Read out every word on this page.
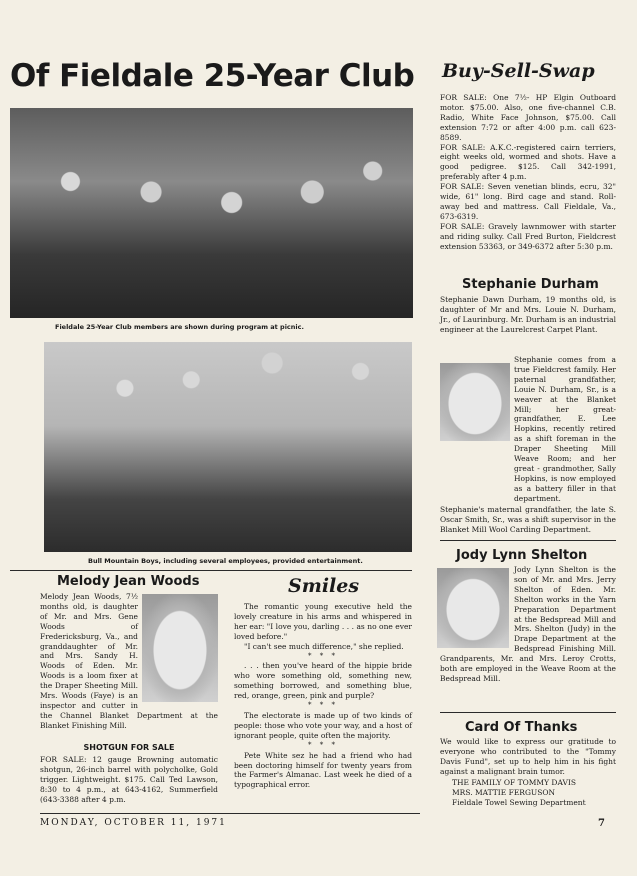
Of Fieldale 25-Year Club
Fieldale 25-Year Club members are shown during program at picnic.
Bull Mountain Boys, including several employees, provided entertainment.
Buy-Sell-Swap

FOR SALE: One 7½- HP Elgin Outboard motor. $75.00. Also, one five-channel C.B. Radio, White Face Johnson, $75.00. Call extension 7:72 or after 4:00 p.m. call 623-8589.

FOR SALE: A.K.C.-registered cairn terriers, eight weeks old, wormed and shots. Have a good pedigree. $125. Call 342-1991, preferably after 4 p.m.

FOR SALE: Seven venetian blinds, ecru, 32" wide, 61" long. Bird cage and stand. Roll-away bed and mattress. Call Fieldale, Va., 673-6319.

FOR SALE: Gravely lawnmower with starter and riding sulky. Call Fred Burton, Fieldcrest extension 53363, or 349-6372 after 5:30 p.m.

Stephanie Durham
Stephanie Dawn Durham, 19 months old, is daughter of Mr and Mrs. Louie N. Durham, Jr., of Laurinburg. Mr. Durham is an industrial engineer at the Laurelcrest Carpet Plant.
Stephanie comes from a true Fieldcrest family. Her paternal grandfather, Louie N. Durham, Sr., is a weaver at the Blanket Mill; her great-grandfather, E. Lee Hopkins, recently retired as a shift foreman in the Draper Sheeting Mill Weave Room; and her great - grandmother, Sally Hopkins, is now employed as a battery filler in that department.
Stephanie's maternal grandfather, the late S. Oscar Smith, Sr., was a shift supervisor in the Blanket Mill Wool Carding Department.
Jody Lynn Shelton
Jody Lynn Shelton is the son of Mr. and Mrs. Jerry Shelton of Eden. Mr. Shelton works in the Yarn Preparation Department at the Bedspread Mill and Mrs. Shelton (Judy) in the Drape Department at the Bedspread Finishing Mill. Grandparents, Mr. and Mrs. Leroy Crotts, both are employed in the Weave Room at the Bedspread Mill.
Card Of Thanks
We would like to express our gratitude to everyone who contributed to the "Tommy Davis Fund", set up to help him in his fight against a malignant brain tumor.
THE FAMILY OF TOMMY DAVIS
MRS. MATTIE FERGUSON
Fieldale Towel Sewing Department
Melody Jean Woods
Melody Jean Woods, 7½ months old, is daughter of Mr. and Mrs. Gene Woods of Fredericksburg, Va., and granddaughter of Mr. and Mrs. Sandy H. Woods of Eden. Mr. Woods is a loom fixer at the Draper Sheeting Mill. Mrs. Woods (Faye) is an inspector and cutter in the Channel Blanket Department at the Blanket Finishing Mill.
SHOTGUN FOR SALE
FOR SALE: 12 gauge Browning automatic shotgun, 26-inch barrel with polycholke, Gold trigger. Lightweight. $175. Call Ted Lawson, 8:30 to 4 p.m., at 643-4162, Summerfield (643-3388 after 4 p.m.
Smiles

The romantic young executive held the lovely creature in his arms and whispered in her ear: "I love you, darling . . . as no one ever loved before."

"I can't see much difference," she replied.

* * *

. . . then you've heard of the hippie bride who wore something old, something new, something borrowed, and something blue, red, orange, green, pink and purple?

* * *

The electorate is made up of two kinds of people: those who vote your way, and a host of ignorant people, quite often the majority.

* * *

Pete White sez he had a friend who had been doctoring himself for twenty years from the Farmer's Almanac. Last week he died of a typographical error.

MONDAY, OCTOBER 11, 1971	7
